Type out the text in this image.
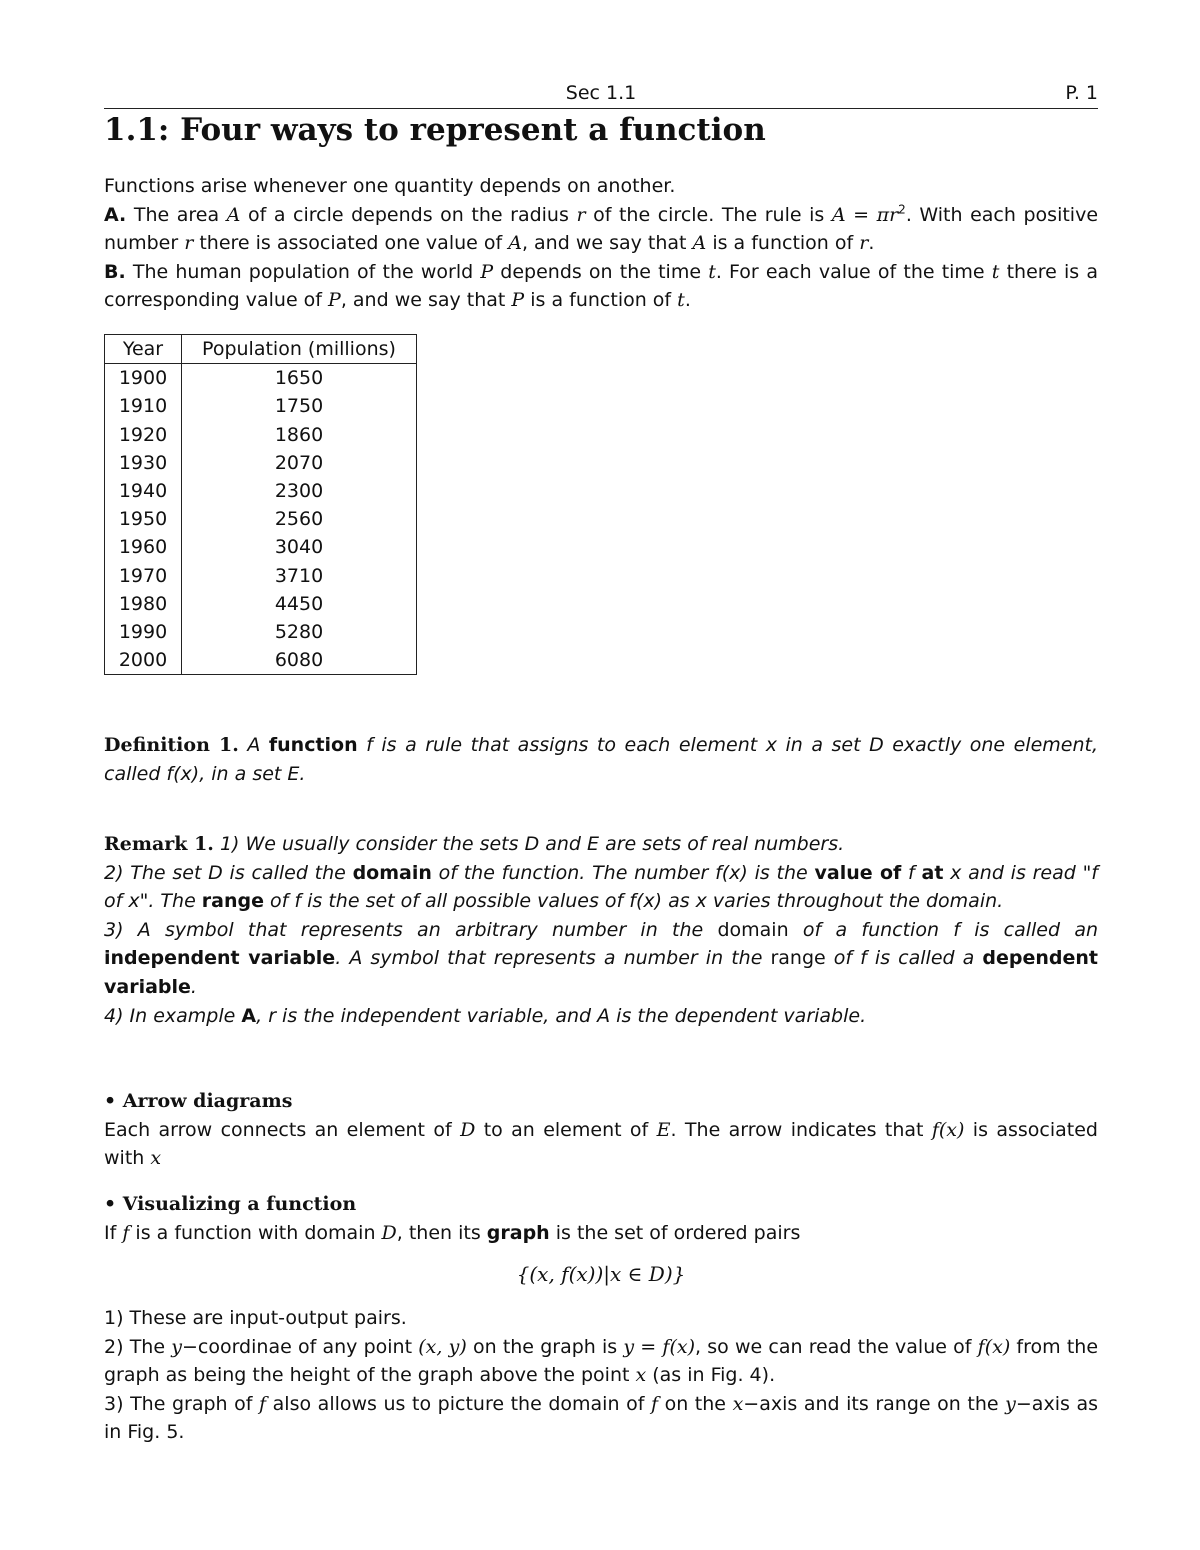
Sec 1.1	P. 1
1.1: Four ways to represent a function

Functions arise whenever one quantity depends on another.
A. The area A of a circle depends on the radius r of the circle. The rule is $A = \pi r^2$. With each positive number r there is associated one value of A, and we say that A is a function of r.
B. The human population of the world P depends on the time t. For each value of the time t there is a corresponding value of P, and we say that P is a function of t.

Year	Population (millions)
1900	1650
1910	1750
1920	1860
1930	2070
1940	2300
1950	2560
1960	3040
1970	3710
1980	4450
1990	5280
2000	6080

Definition 1. A function f is a rule that assigns to each element x in a set D exactly one element, called f(x), in a set E.

Remark 1. 1) We usually consider the sets D and E are sets of real numbers.
2) The set D is called the domain of the function. The number f(x) is the value of f at x and is read "f of x". The range of f is the set of all possible values of f(x) as x varies throughout the domain.
3) A symbol that represents an arbitrary number in the domain of a function f is called an independent variable. A symbol that represents a number in the range of f is called a dependent variable.
4) In example A, r is the independent variable, and A is the dependent variable.

• Arrow diagrams
Each arrow connects an element of D to an element of E. The arrow indicates that f(x) is associated with x

• Visualizing a function
If f is a function with domain D, then its graph is the set of ordered pairs

{(x, f(x))|x ∈ D)}

1) These are input-output pairs.
2) The y−coordinae of any point (x, y) on the graph is y = f(x), so we can read the value of f(x) from the graph as being the height of the graph above the point x (as in Fig. 4).
3) The graph of f also allows us to picture the domain of f on the x−axis and its range on the y−axis as in Fig. 5.
